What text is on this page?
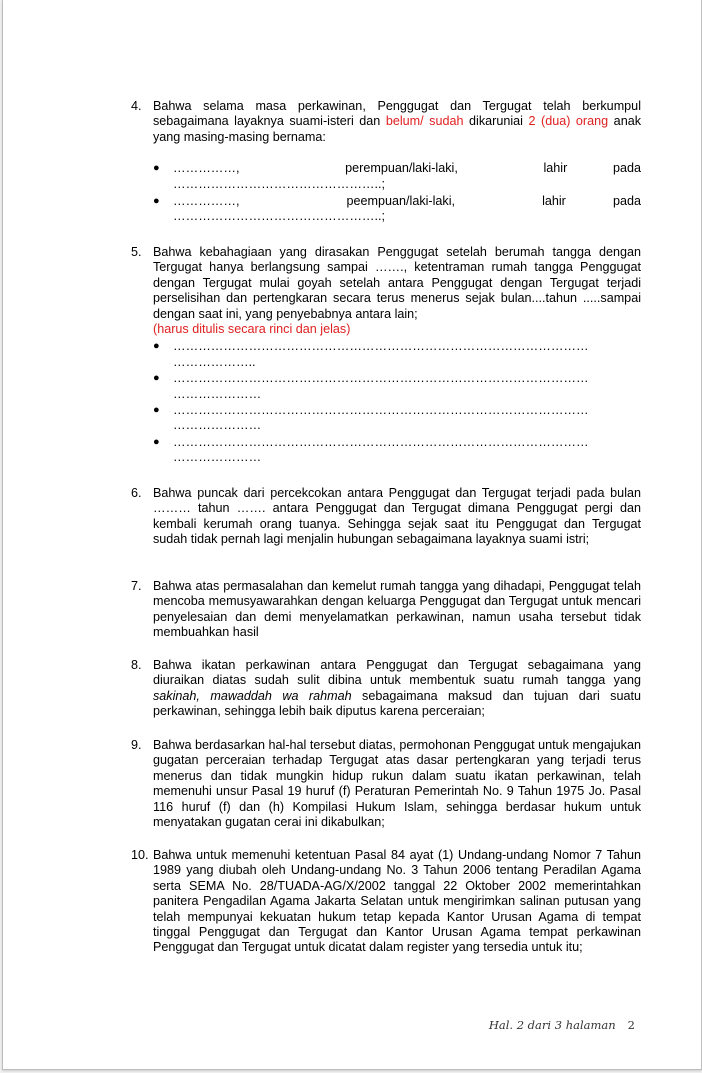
4. Bahwa selama masa perkawinan, Penggugat dan Tergugat telah berkumpul sebagaimana layaknya suami-isteri dan belum/ sudah dikaruniai 2 (dua) orang anak yang masing-masing bernama:
● ……………,	perempuan/laki-laki,	lahir	pada
…………………………………………..;
● ……………,	peempuan/laki-laki,	lahir	pada
…………………………………………..;
5. Bahwa kebahagiaan yang dirasakan Penggugat setelah berumah tangga dengan Tergugat hanya berlangsung sampai ……., ketentraman rumah tangga Penggugat dengan Tergugat mulai goyah setelah antara Penggugat dengan Tergugat terjadi perselisihan dan pertengkaran secara terus menerus sejak bulan....tahun .....sampai dengan saat ini, yang penyebabnya antara lain;
(harus ditulis secara rinci dan jelas)
● ………………………………………………………………………………………
………………..
● ………………………………………………………………………………………
…………………
● ………………………………………………………………………………………
…………………
● ………………………………………………………………………………………
…………………
6. Bahwa puncak dari percekcokan antara Penggugat dan Tergugat terjadi pada bulan ……… tahun ……. antara Penggugat dan Tergugat dimana Penggugat pergi dan kembali kerumah orang tuanya. Sehingga sejak saat itu Penggugat dan Tergugat sudah tidak pernah lagi menjalin hubungan sebagaimana layaknya suami istri;
7. Bahwa atas permasalahan dan kemelut rumah tangga yang dihadapi, Penggugat telah mencoba memusyawarahkan dengan keluarga Penggugat dan Tergugat untuk mencari penyelesaian dan demi menyelamatkan perkawinan, namun usaha tersebut tidak membuahkan hasil
8. Bahwa ikatan perkawinan antara Penggugat dan Tergugat sebagaimana yang diuraikan diatas sudah sulit dibina untuk membentuk suatu rumah tangga yang sakinah, mawaddah wa rahmah sebagaimana maksud dan tujuan dari suatu perkawinan, sehingga lebih baik diputus karena perceraian;
9. Bahwa berdasarkan hal-hal tersebut diatas, permohonan Penggugat untuk mengajukan gugatan perceraian terhadap Tergugat atas dasar pertengkaran yang terjadi terus menerus dan tidak mungkin hidup rukun dalam suatu ikatan perkawinan, telah memenuhi unsur Pasal 19 huruf (f) Peraturan Pemerintah No. 9 Tahun 1975 Jo. Pasal 116 huruf (f) dan (h) Kompilasi Hukum Islam, sehingga berdasar hukum untuk menyatakan gugatan cerai ini dikabulkan;
10. Bahwa untuk memenuhi ketentuan Pasal 84 ayat (1) Undang-undang Nomor 7 Tahun 1989 yang diubah oleh Undang-undang No. 3 Tahun 2006 tentang Peradilan Agama serta SEMA No. 28/TUADA-AG/X/2002 tanggal 22 Oktober 2002 memerintahkan panitera Pengadilan Agama Jakarta Selatan untuk mengirimkan salinan putusan yang telah mempunyai kekuatan hukum tetap kepada Kantor Urusan Agama di tempat tinggal Penggugat dan Tergugat dan Kantor Urusan Agama tempat perkawinan Penggugat dan Tergugat untuk dicatat dalam register yang tersedia untuk itu;
Hal. 2 dari 3 halaman 2
